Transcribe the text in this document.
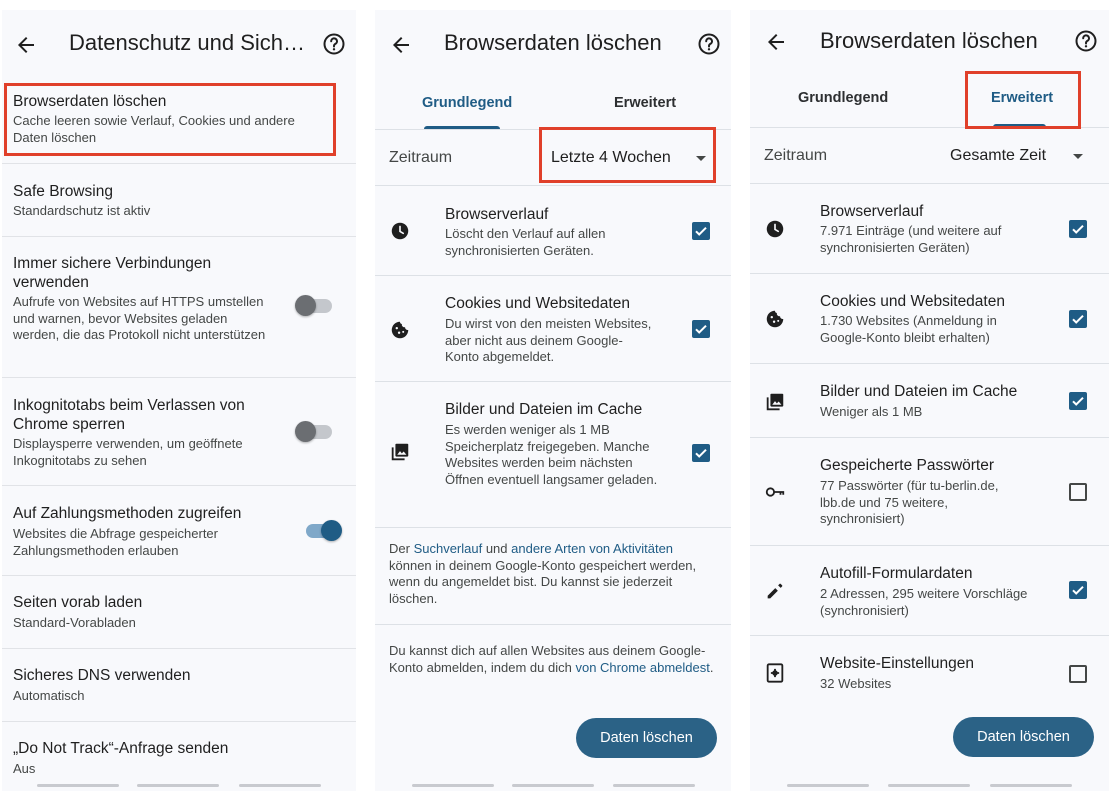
Datenschutz und Sich…
Browserdaten löschen
Cache leeren sowie Verlauf, Cookies und andere Daten löschen
Safe Browsing
Standardschutz ist aktiv
Immer sichere Verbindungen verwenden
Aufrufe von Websites auf HTTPS umstellen und warnen, bevor Websites geladen werden, die das Protokoll nicht unterstützen
Inkognitotabs beim Verlassen von Chrome sperren
Displaysperre verwenden, um geöffnete Inkognitotabs zu sehen
Auf Zahlungsmethoden zugreifen
Websites die Abfrage gespeicherter Zahlungsmethoden erlauben
Seiten vorab laden
Standard-Vorabladen
Sicheres DNS verwenden
Automatisch
„Do Not Track“-Anfrage senden
Aus
Browserdaten löschen
Grundlegend	Erweitert
Zeitraum	Letzte 4 Wochen
Browserverlauf
Löscht den Verlauf auf allen synchronisierten Geräten.
Cookies und Websitedaten
Du wirst von den meisten Websites, aber nicht aus deinem Google-Konto abgemeldet.
Bilder und Dateien im Cache
Es werden weniger als 1 MB Speicherplatz freigegeben. Manche Websites werden beim nächsten Öffnen eventuell langsamer geladen.
Der Suchverlauf und andere Arten von Aktivitäten können in deinem Google-Konto gespeichert werden, wenn du angemeldet bist. Du kannst sie jederzeit löschen.
Du kannst dich auf allen Websites aus deinem Google-Konto abmelden, indem du dich von Chrome abmeldest.
Daten löschen
Browserdaten löschen
Grundlegend	Erweitert
Zeitraum	Gesamte Zeit
Browserverlauf
7.971 Einträge (und weitere auf synchronisierten Geräten)
Cookies und Websitedaten
1.730 Websites (Anmeldung in Google-Konto bleibt erhalten)
Bilder und Dateien im Cache
Weniger als 1 MB
Gespeicherte Passwörter
77 Passwörter (für tu-berlin.de, lbb.de und 75 weitere, synchronisiert)
Autofill-Formulardaten
2 Adressen, 295 weitere Vorschläge (synchronisiert)
Website-Einstellungen
32 Websites
Daten löschen
